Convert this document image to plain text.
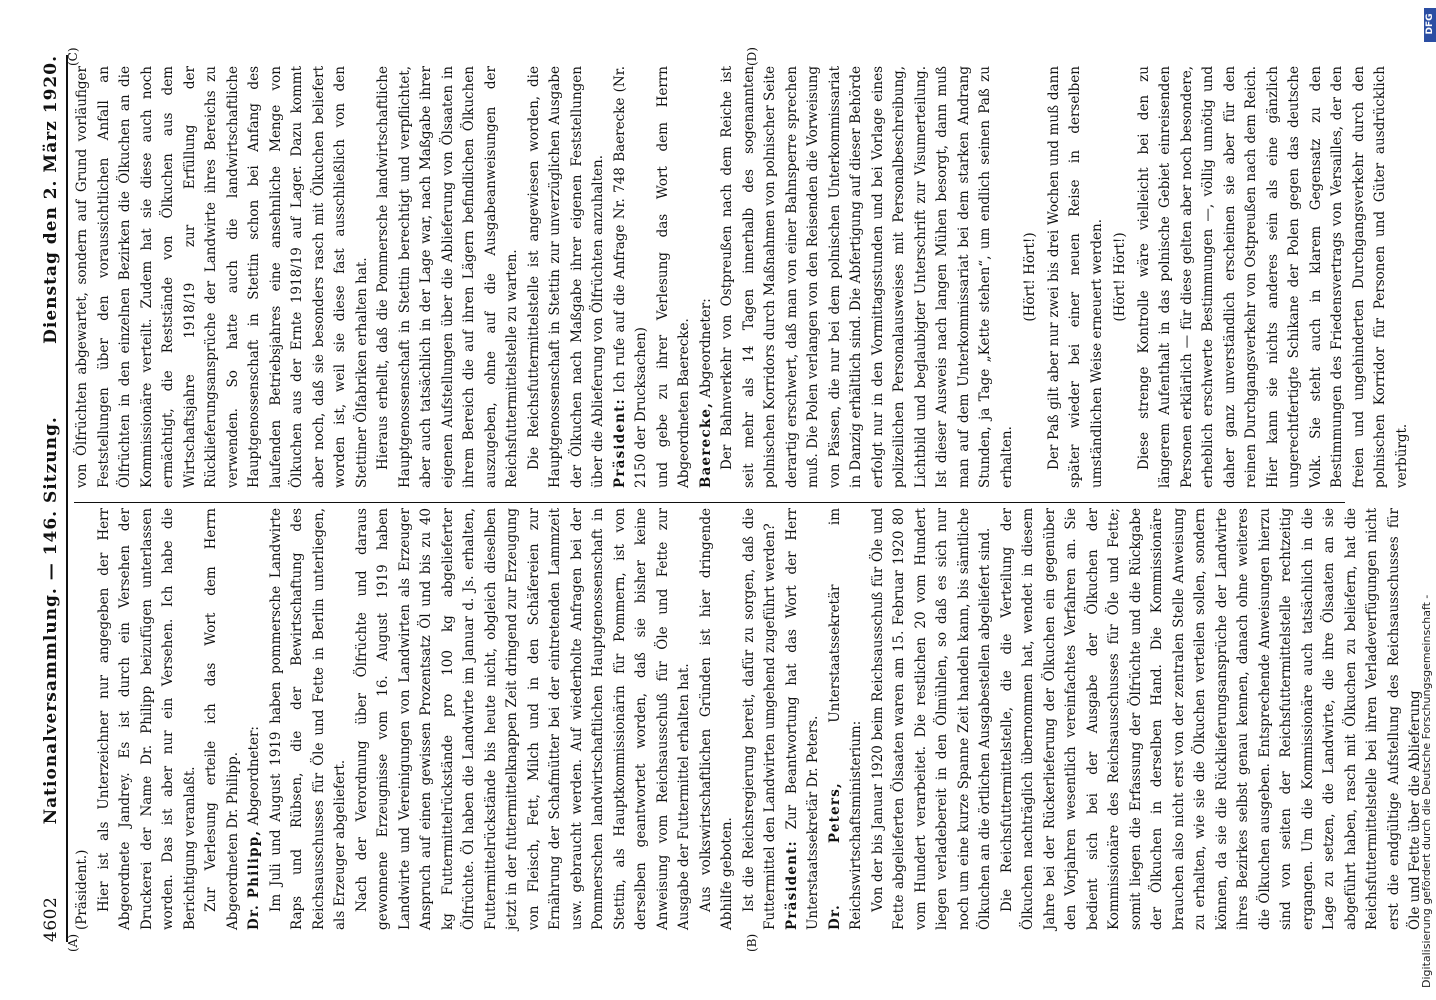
4602
Nationalversammlung. — 146. Sitzung.
Dienstag den 2. März 1920.

(Präsident.) Hier ist als Unterzeichner nur angegeben der Herr Abgeordnete Jandrey. Es ist durch ein Versehen der Druckerei der Name Dr. Philipp beizufügen unterlassen worden. Das ist aber nur ein Versehen. Ich habe die Berichtigung veranlaßt. Zur Verlesung erteile ich das Wort dem Herrn Abgeordneten Dr. Philipp. Dr. Philipp, Abgeordneter: Im Juli und August 1919 haben pommersche Landwirte Raps und Rübsen, die der Bewirtschaftung des Reichsausschusses für Öle und Fette in Berlin unterliegen, als Erzeuger abgeliefert. Nach der Verordnung über Ölfrüchte und daraus gewonnene Erzeugnisse vom 16. August 1919 haben Landwirte und Vereinigungen von Landwirten als Erzeuger Anspruch auf einen gewissen Prozentsatz Öl und bis zu 40 kg Futtermittelrückstände pro 100 kg abgelieferter Ölfrüchte. Öl haben die Landwirte im Januar d. Js. erhalten, Futtermittelrückstände bis heute nicht, obgleich dieselben jetzt in der futtermittelknappen Zeit dringend zur Erzeugung von Fleisch, Fett, Milch und in den Schäfereien zur Ernährung der Schafmütter bei der eintretenden Lammzeit usw. gebraucht werden. Auf wiederholte Anfragen bei der Pommerschen landwirtschaftlichen Hauptgenossenschaft in Stettin, als Hauptkommissionärin für Pommern, ist von derselben geantwortet worden, daß sie bisher keine Anweisung vom Reichsausschuß für Öle und Fette zur Ausgabe der Futtermittel erhalten hat. Aus volkswirtschaftlichen Gründen ist hier dringende Abhilfe geboten. Ist die Reichsregierung bereit, dafür zu sorgen, daß die Futtermittel den Landwirten umgehend zugeführt werden? Präsident: Zur Beantwortung hat das Wort der Herr Unterstaatssekretär Dr. Peters. Dr. Peters, Unterstaatssekretär im Reichswirtschaftsministerium: Von der bis Januar 1920 beim Reichsausschuß für Öle und Fette abgelieferten Ölsaaten waren am 15. Februar 1920 80 vom Hundert verarbeitet. Die restlichen 20 vom Hundert liegen verladebereit in den Ölmühlen, so daß es sich nur noch um eine kurze Spanne Zeit handeln kann, bis sämtliche Ölkuchen an die örtlichen Ausgabestellen abgeliefert sind. Die Reichsfuttermittelstelle, die die Verteilung der Ölkuchen nachträglich übernommen hat, wendet in diesem Jahre bei der Rückerlieferung der Ölkuchen ein gegenüber den Vorjahren wesentlich vereinfachtes Verfahren an. Sie bedient sich bei der Ausgabe der Ölkuchen der Kommissionäre des Reichsausschusses für Öle und Fette; somit liegen die Erfassung der Ölfrüchte und die Rückgabe der Ölkuchen in derselben Hand. Die Kommissionäre brauchen also nicht erst von der zentralen Stelle Anweisung zu erhalten, wie sie die Ölkuchen verteilen sollen, sondern können, da sie die Rücklieferungsansprüche der Landwirte ihres Bezirkes selbst genau kennen, danach ohne weiteres die Ölkuchen ausgeben. Entsprechende Anweisungen hierzu sind von seiten der Reichsfuttermittelstelle rechtzeitig ergangen. Um die Kommissionäre auch tatsächlich in die Lage zu setzen, die Landwirte, die ihre Ölsaaten an sie abgeführt haben, rasch mit Ölkuchen zu beliefern, hat die Reichsfuttermittelstelle bei ihren Verladeverfügungen nicht erst die endgültige Aufstellung des Reichsausschusses für Öle und Fette über die Ablieferung

von Ölfrüchten abgewartet, sondern auf Grund vorläufiger Feststellungen über den voraussichtlichen Anfall an Ölfrüchten in den einzelnen Bezirken die Ölkuchen an die Kommissionäre verteilt. Zudem hat sie diese auch noch ermächtigt, die Reststände von Ölkuchen aus dem Wirtschaftsjahre 1918/19 zur Erfüllung der Rücklieferungsansprüche der Landwirte ihres Bereichs zu verwenden. So hatte auch die landwirtschaftliche Hauptgenossenschaft in Stettin schon bei Anfang des laufenden Betriebsjahres eine ansehnliche Menge von Ölkuchen aus der Ernte 1918/19 auf Lager. Dazu kommt aber noch, daß sie besonders rasch mit Ölkuchen beliefert worden ist, weil sie diese fast ausschließlich von den Stettiner Ölfabriken erhalten hat. Hieraus erhellt, daß die Pommersche landwirtschaftliche Hauptgenossenschaft in Stettin berechtigt und verpflichtet, aber auch tatsächlich in der Lage war, nach Maßgabe ihrer eigenen Aufstellungen über die Ablieferung von Ölsaaten in ihrem Bereich die auf ihren Lägern befindlichen Ölkuchen auszugeben, ohne auf die Ausgabeanweisungen der Reichsfuttermittelstelle zu warten. Die Reichsfuttermittelstelle ist angewiesen worden, die Hauptgenossenschaft in Stettin zur unverzüglichen Ausgabe der Ölkuchen nach Maßgabe ihrer eigenen Feststellungen über die Ablieferung von Ölfrüchten anzuhalten. Präsident: Ich rufe auf die Anfrage Nr. 748 Baerecke (Nr. 2150 der Drucksachen) und gebe zu ihrer Verlesung das Wort dem Herrn Abgeordneten Baerecke. Baerecke, Abgeordneter: Der Bahnverkehr von Ostpreußen nach dem Reiche ist seit mehr als 14 Tagen innerhalb des sogenannten polnischen Korridors durch Maßnahmen von polnischer Seite derartig erschwert, daß man von einer Bahnsperre sprechen muß. Die Polen verlangen von den Reisenden die Vorweisung von Pässen, die nur bei dem polnischen Unterkommissariat in Danzig erhältlich sind. Die Abfertigung auf dieser Behörde erfolgt nur in den Vormittagsstunden und bei Vorlage eines polizeilichen Personalausweises mit Personalbeschreibung, Lichtbild und beglaubigter Unterschrift zur Visumerteilung. Ist dieser Ausweis nach langen Mühen besorgt, dann muß man auf dem Unterkommissariat bei dem starken Andrang Stunden, ja Tage „Kette stehen“, um endlich seinen Paß zu erhalten.

(Hört! Hört!) Der Paß gilt aber nur zwei bis drei Wochen und muß dann später wieder bei einer neuen Reise in derselben umständlichen Weise erneuert werden. (Hört! Hört!) Diese strenge Kontrolle wäre vielleicht bei den zu längerem Aufenthalt in das polnische Gebiet einreisenden Personen erklärlich — für diese gelten aber noch besondere, erheblich erschwerte Bestimmungen —, völlig unnötig und daher ganz unverständlich erscheinen sie aber für den reinen Durchgangsverkehr von Ostpreußen nach dem Reich. Hier kann sie nichts anderes sein als eine gänzlich ungerechtfertigte Schikane der Polen gegen das deutsche Volk. Sie steht auch in klarem Gegensatz zu den Bestimmungen des Friedensvertrags von Versailles, der den freien und ungehinderten Durchgangsverkehr durch den polnischen Korridor für Personen und Güter ausdrücklich verbürgt.

(A)	(B)
(C)	(D)
Digitalisierung gefördert durch die Deutsche Forschungsgemeinschaft -
DFG
